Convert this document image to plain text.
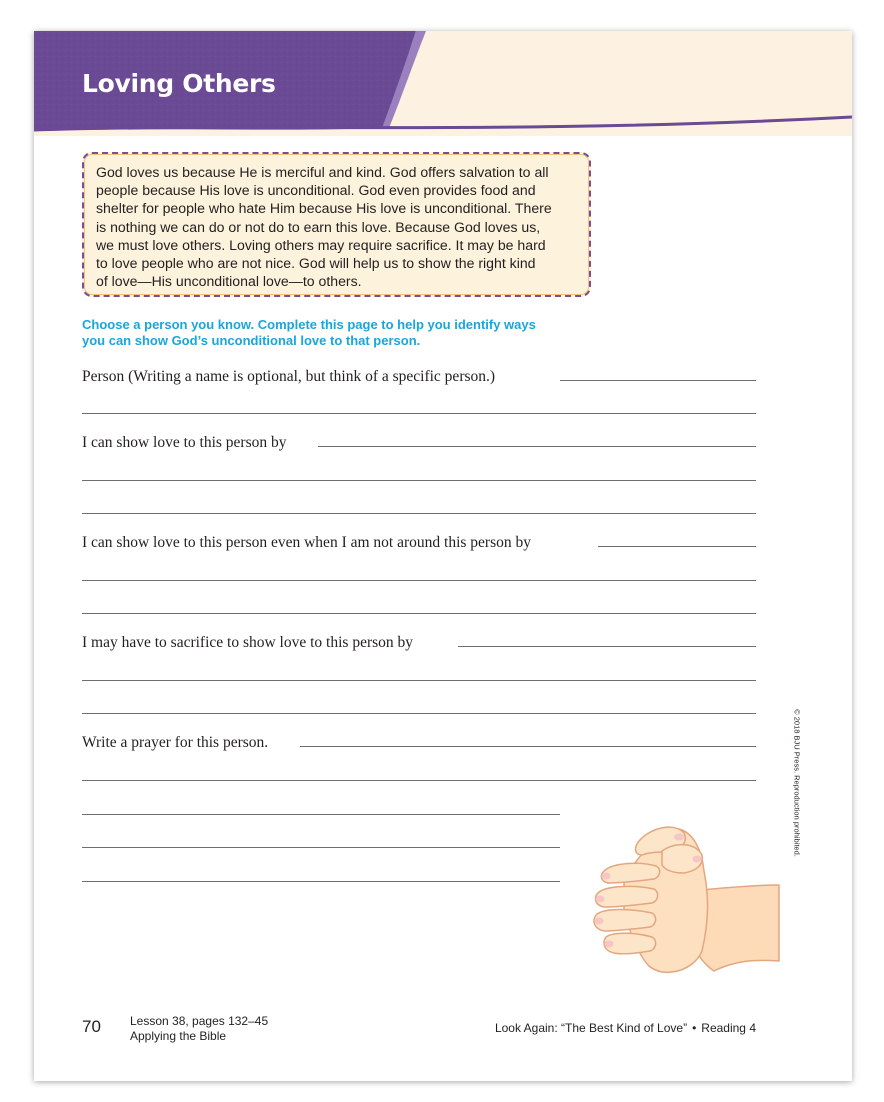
Loving Others
God loves us because He is merciful and kind. God offers salvation to all
people because His love is unconditional. God even provides food and
shelter for people who hate Him because His love is unconditional. There
is nothing we can do or not do to earn this love. Because God loves us,
we must love others. Loving others may require sacrifice. It may be hard
to love people who are not nice. God will help us to show the right kind
of love—His unconditional love—to others.
Choose a person you know. Complete this page to help you identify ways
you can show God’s unconditional love to that person.
Person (Writing a name is optional, but think of a specific person.)
I can show love to this person by
I can show love to this person even when I am not around this person by
I may have to sacrifice to show love to this person by
Write a prayer for this person.	© 2018 BJU Press. Reproduction prohibited.
70 Lesson 38, pages 132–45
Applying the Bible
Look Again: “The Best Kind of Love” • Reading 4
